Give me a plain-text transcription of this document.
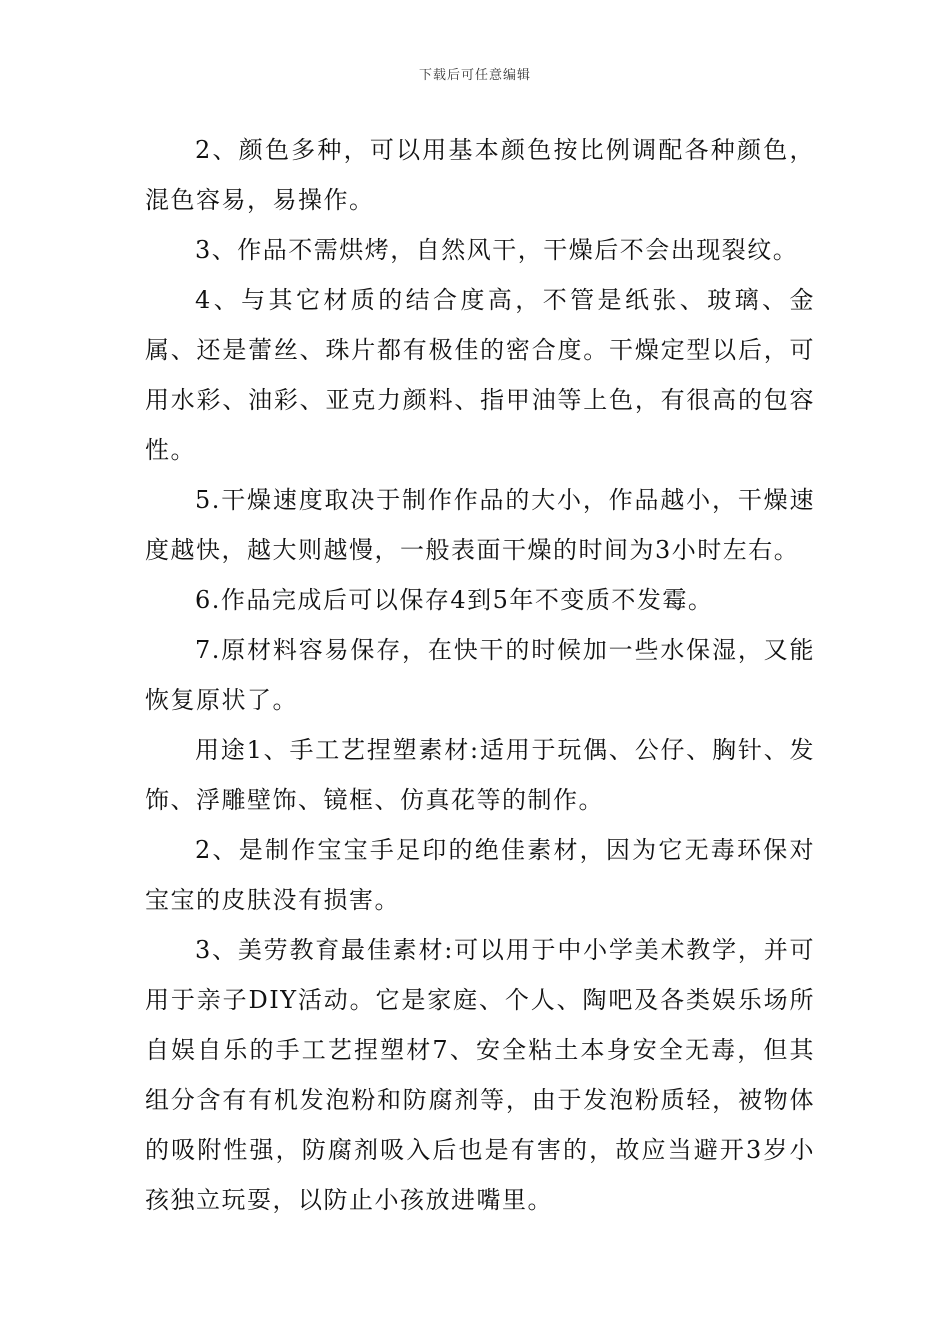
下载后可任意编辑

2、颜色多种，可以用基本颜色按比例调配各种颜色，混色容易，易操作。

3、作品不需烘烤，自然风干，干燥后不会出现裂纹。

4、与其它材质的结合度高，不管是纸张、玻璃、金属、还是蕾丝、珠片都有极佳的密合度。干燥定型以后，可用水彩、油彩、亚克力颜料、指甲油等上色，有很高的包容性。

5.干燥速度取决于制作作品的大小，作品越小，干燥速度越快，越大则越慢，一般表面干燥的时间为3小时左右。

6.作品完成后可以保存4到5年不变质不发霉。

7.原材料容易保存，在快干的时候加一些水保湿，又能恢复原状了。

用途1、手工艺捏塑素材:适用于玩偶、公仔、胸针、发饰、浮雕壁饰、镜框、仿真花等的制作。

2、是制作宝宝手足印的绝佳素材，因为它无毒环保对宝宝的皮肤没有损害。

3、美劳教育最佳素材:可以用于中小学美术教学，并可用于亲子DIY活动。它是家庭、个人、陶吧及各类娱乐场所自娱自乐的手工艺捏塑材7、安全粘土本身安全无毒，但其组分含有有机发泡粉和防腐剂等，由于发泡粉质轻，被物体的吸附性强，防腐剂吸入后也是有害的，故应当避开3岁小孩独立玩耍，以防止小孩放进嘴里。
